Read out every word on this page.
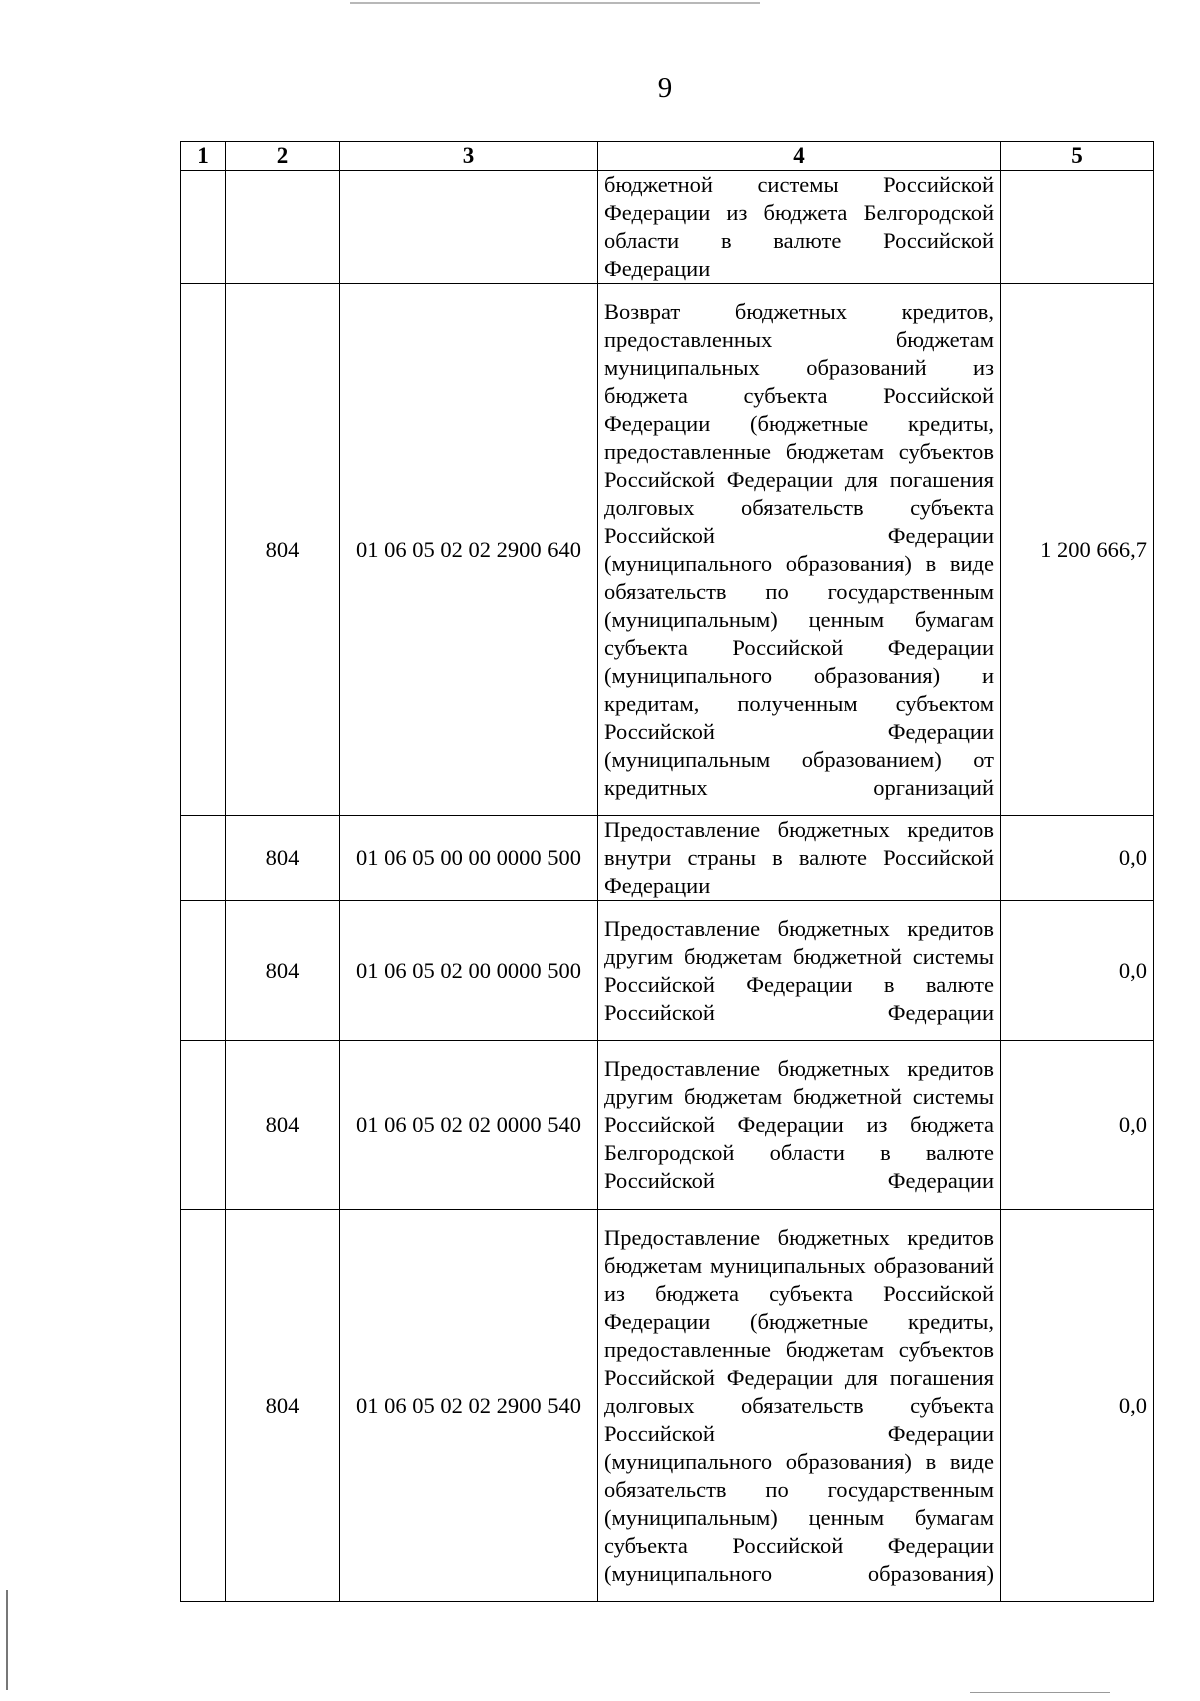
9
1	2	3	4	5
			бюджетной системы Российской Федерации из бюджета Белгородской области в валюте Российской Федерации	
	804	01 06 05 02 02 2900 640	Возврат бюджетных кредитов, предоставленных бюджетам муниципальных образований из бюджета субъекта Российской Федерации (бюджетные кредиты, предоставленные бюджетам субъектов Российской Федерации для погашения долговых обязательств субъекта Российской Федерации (муниципального образования) в виде обязательств по государственным (муниципальным) ценным бумагам субъекта Российской Федерации (муниципального образования) и кредитам, полученным субъектом Российской Федерации (муниципальным образованием) от кредитных организаций	1 200 666,7
	804	01 06 05 00 00 0000 500	Предоставление бюджетных кредитов внутри страны в валюте Российской Федерации	0,0
	804	01 06 05 02 00 0000 500	Предоставление бюджетных кредитов другим бюджетам бюджетной системы Российской Федерации в валюте Российской Федерации	0,0
	804	01 06 05 02 02 0000 540	Предоставление бюджетных кредитов другим бюджетам бюджетной системы Российской Федерации из бюджета Белгородской области в валюте Российской Федерации	0,0
	804	01 06 05 02 02 2900 540	Предоставление бюджетных кредитов бюджетам муниципальных образований из бюджета субъекта Российской Федерации (бюджетные кредиты, предоставленные бюджетам субъектов Российской Федерации для погашения долговых обязательств субъекта Российской Федерации (муниципального образования) в виде обязательств по государственным (муниципальным) ценным бумагам субъекта Российской Федерации (муниципального образования)	0,0
